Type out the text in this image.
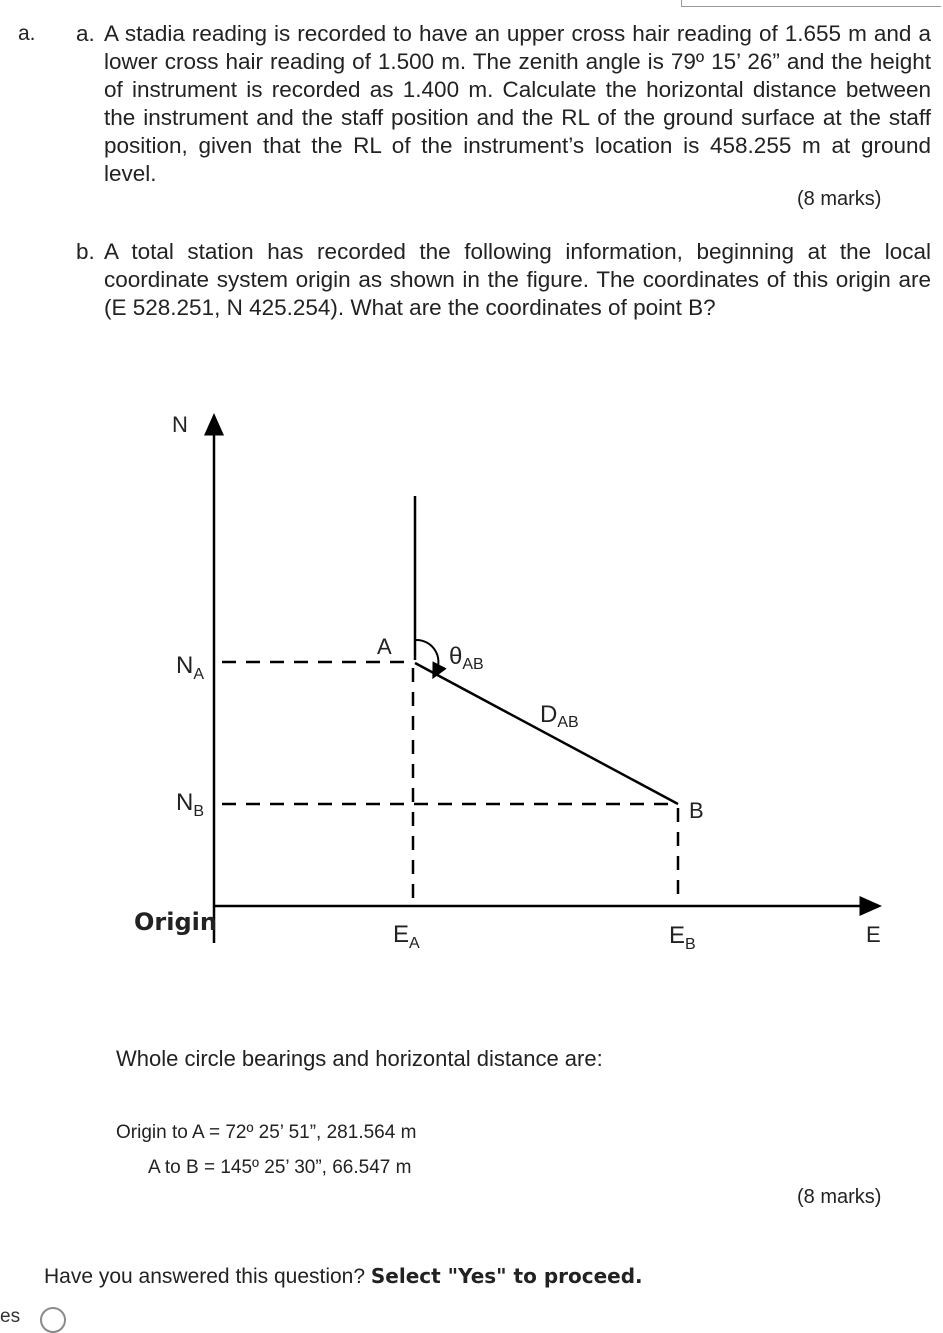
a. a. A stadia reading is recorded to have an upper cross hair reading of 1.655 m and a lower cross hair reading of 1.500 m. The zenith angle is 79º 15’ 26” and the height of instrument is recorded as 1.400 m. Calculate the horizontal distance between the instrument and the staff position and the RL of the ground surface at the staff position, given that the RL of the instrument’s location is 458.255 m at ground level.
(8 marks)
b. A total station has recorded the following information, beginning at the local coordinate system origin as shown in the figure. The coordinates of this origin are (E 528.251, N 425.254). What are the coordinates of point B?
N
E
Origin
A
B
$N_A$
$N_B$
$E_A$	$E_B$
$\theta_{AB}$
$D_{AB}$
Whole circle bearings and horizontal distance are:
Origin to A = 72º 25’ 51”, 281.564 m
A to B = 145º 25’ 30”, 66.547 m
(8 marks)
Have you answered this question? Select "Yes" to proceed.
es
